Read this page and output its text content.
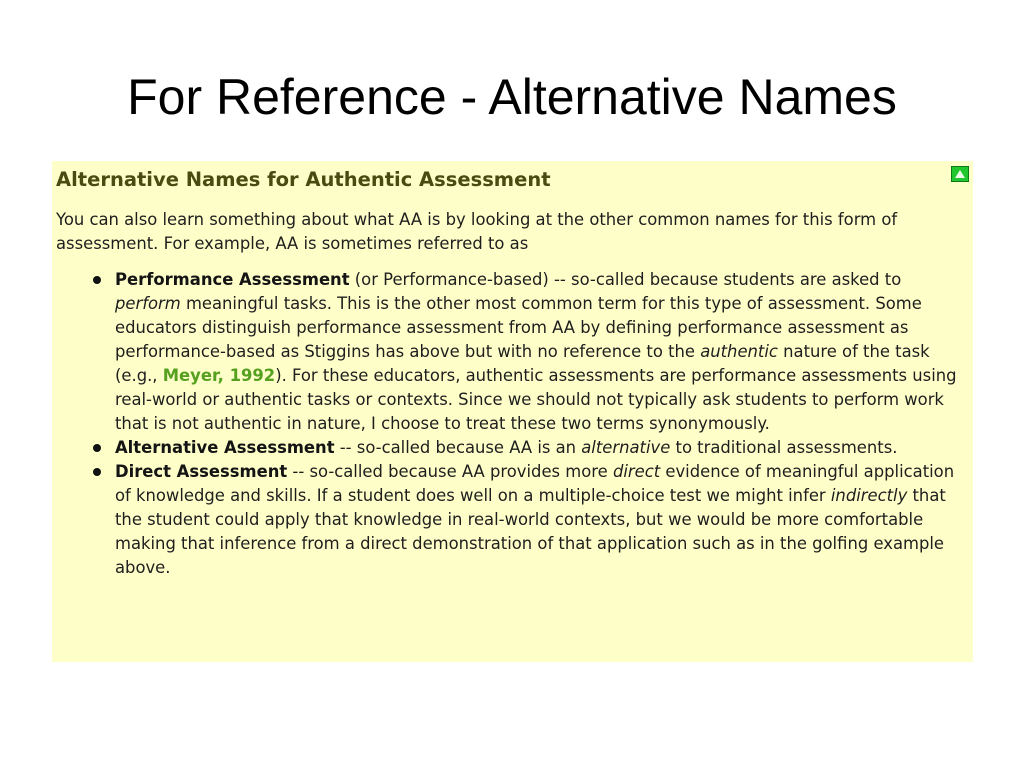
For Reference - Alternative Names
Alternative Names for Authentic Assessment

You can also learn something about what AA is by looking at the other common names for this form of assessment. For example, AA is sometimes referred to as

Performance Assessment (or Performance-based) -- so-called because students are asked to perform meaningful tasks. This is the other most common term for this type of assessment. Some educators distinguish performance assessment from AA by defining performance assessment as performance-based as Stiggins has above but with no reference to the authentic nature of the task (e.g., Meyer, 1992). For these educators, authentic assessments are performance assessments using real-world or authentic tasks or contexts. Since we should not typically ask students to perform work that is not authentic in nature, I choose to treat these two terms synonymously.
Alternative Assessment -- so-called because AA is an alternative to traditional assessments.
Direct Assessment -- so-called because AA provides more direct evidence of meaningful application of knowledge and skills. If a student does well on a multiple-choice test we might infer indirectly that the student could apply that knowledge in real-world contexts, but we would be more comfortable making that inference from a direct demonstration of that application such as in the golfing example above.
